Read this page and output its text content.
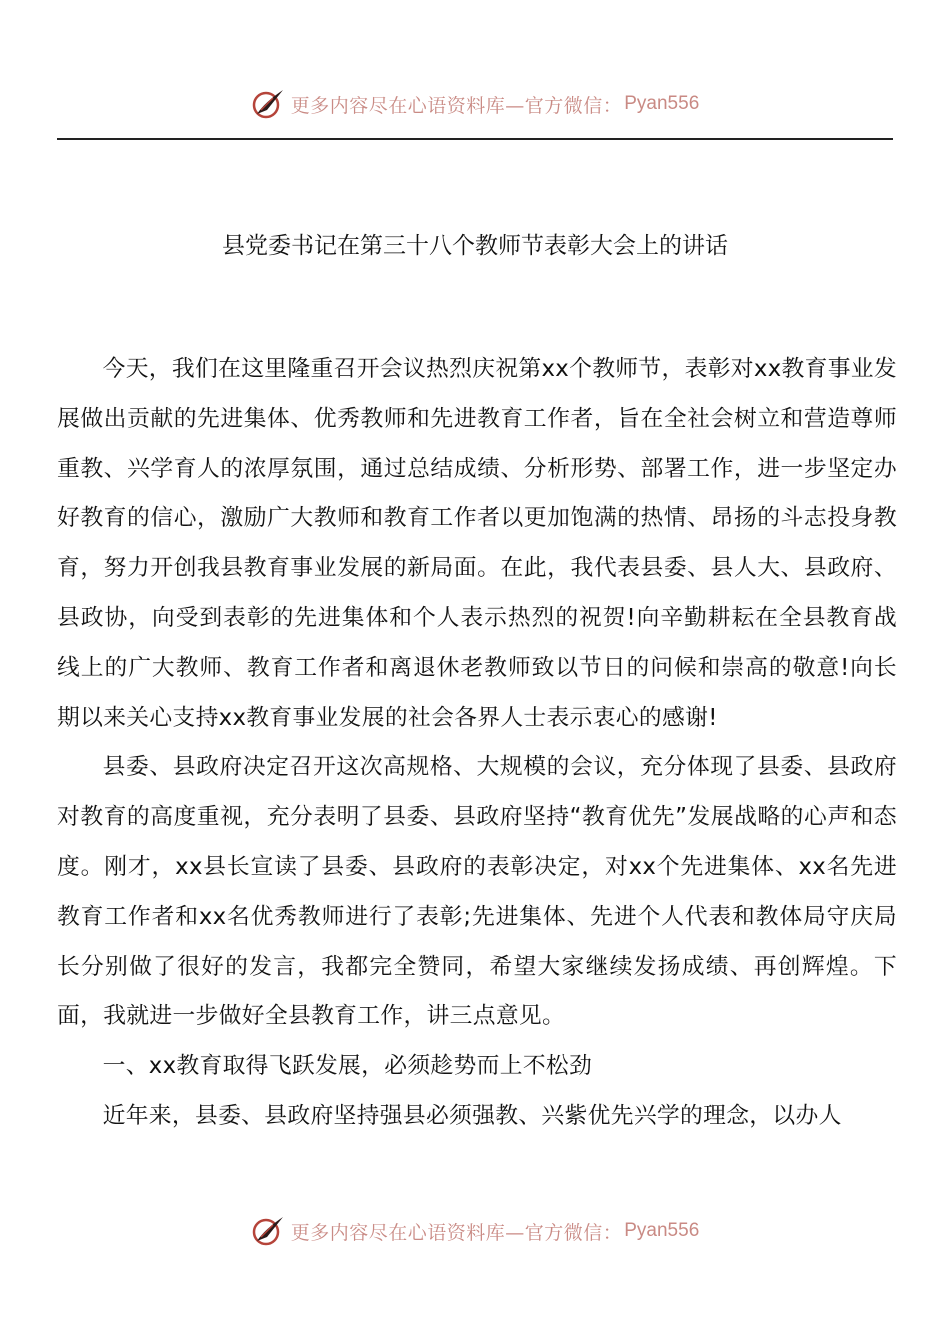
更多内容尽在心语资料库—官方微信： Pyan556
县党委书记在第三十八个教师节表彰大会上的讲话

今天，我们在这里隆重召开会议热烈庆祝第xx个教师节，表彰对xx教育事业发展做出贡献的先进集体、优秀教师和先进教育工作者，旨在全社会树立和营造尊师重教、兴学育人的浓厚氛围，通过总结成绩、分析形势、部署工作，进一步坚定办好教育的信心，激励广大教师和教育工作者以更加饱满的热情、昂扬的斗志投身教育，努力开创我县教育事业发展的新局面。在此，我代表县委、县人大、县政府、县政协，向受到表彰的先进集体和个人表示热烈的祝贺!向辛勤耕耘在全县教育战线上的广大教师、教育工作者和离退休老教师致以节日的问候和崇高的敬意!向长期以来关心支持xx教育事业发展的社会各界人士表示衷心的感谢!

县委、县政府决定召开这次高规格、大规模的会议，充分体现了县委、县政府对教育的高度重视，充分表明了县委、县政府坚持“教育优先”发展战略的心声和态度。刚才，xx县长宣读了县委、县政府的表彰决定，对xx个先进集体、xx名先进教育工作者和xx名优秀教师进行了表彰;先进集体、先进个人代表和教体局守庆局长分别做了很好的发言，我都完全赞同，希望大家继续发扬成绩、再创辉煌。下面，我就进一步做好全县教育工作，讲三点意见。

一、xx教育取得飞跃发展，必须趁势而上不松劲

近年来，县委、县政府坚持强县必须强教、兴紫优先兴学的理念，以办人

更多内容尽在心语资料库—官方微信： Pyan556
